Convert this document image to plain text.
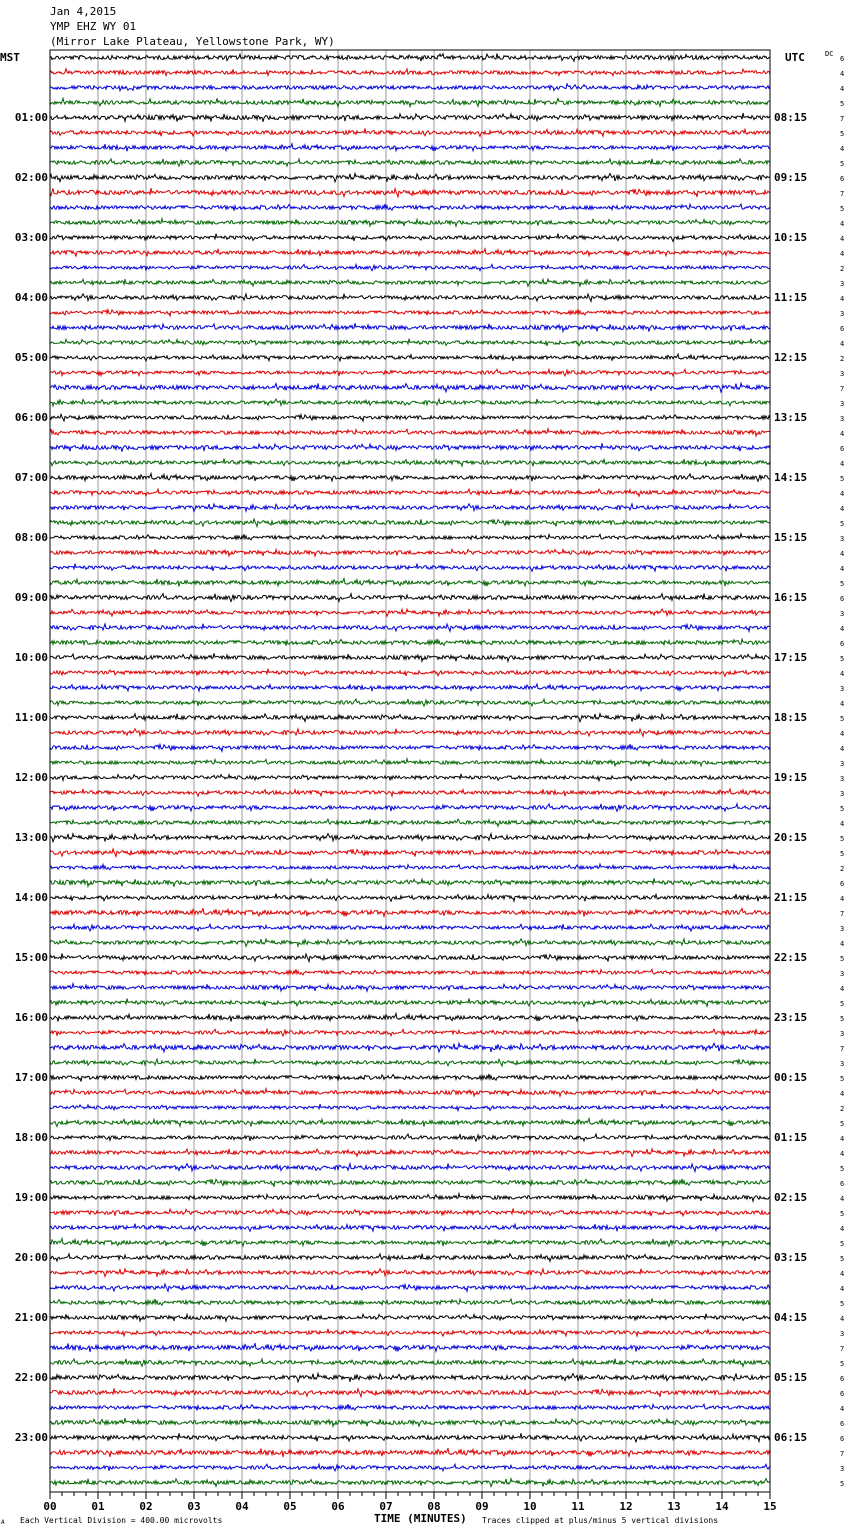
Jan 4,2015
YMP EHZ WY 01
(Mirror Lake Plateau, Yellowstone Park, WY)
00	01	02	03	04	05	06	07	08	09	10	11	12	13	14	15
01:00
02:00
03:00
04:00
05:00
06:00
07:00
08:00
09:00
10:00
11:00
12:00
13:00
14:00
15:00
16:00
17:00
18:00
19:00
20:00
21:00
22:00
23:00
08:15
09:15
10:15
11:15
12:15
13:15
14:15
15:15
16:15
17:15
18:15
19:15
20:15
21:15
22:15
23:15
00:15
01:15
02:15
03:15
04:15
05:15
06:15
6
4
4
5
7
5
4
5
6
7
5
4
4
4
2
3
4
3
6
4
2
3
7
3
3
4
6
4
5
4
4
5
3
4
4
5
6
3
4
6
5
4
3
4
5
4
4
3
3
3
5
4
5
5
2
6
4
7
3
4
5
3
4
5
5
3
7
3
5
4
2
5
4
4
5
6
4
5
4
5
5
4
4
5
4
3
7
5
6
6
4
6
6
7
3
5
MST	UTC	DC
TIME (MINUTES)
Each Vertical Division = 400.00 microvolts	Traces clipped at plus/minus 5 vertical divisions
A
